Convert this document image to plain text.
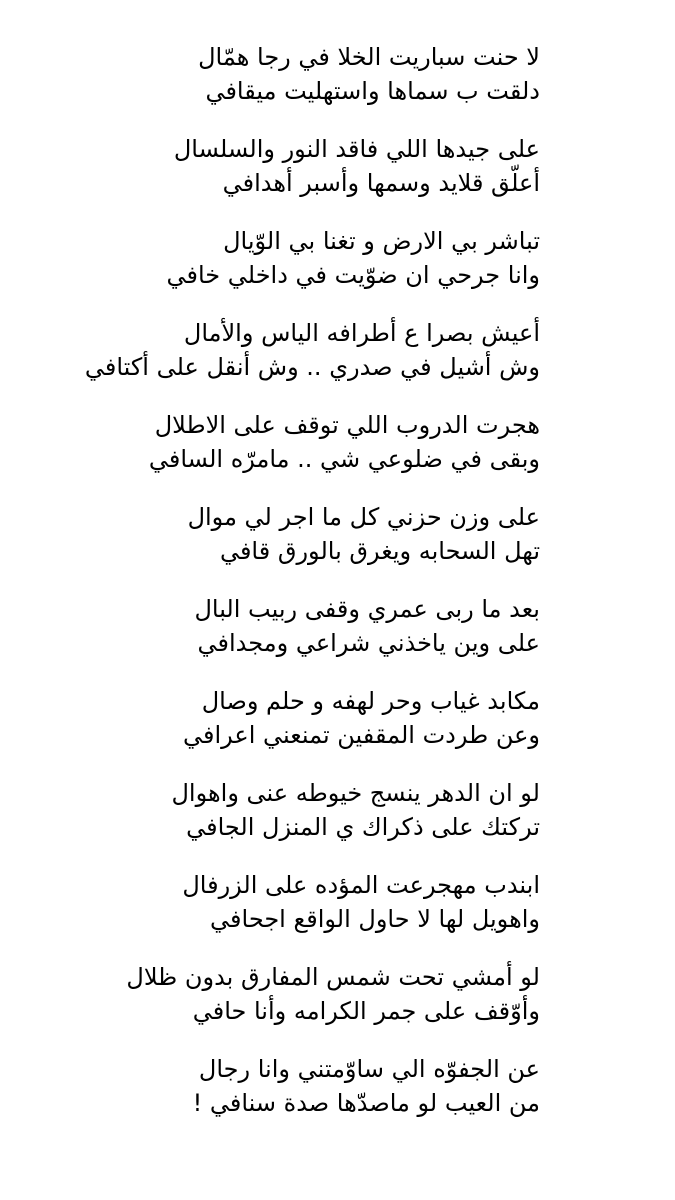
لا حنت سباريت الخلا في رجا همّال
دلقت ب سماها واستهليت ميقافي
على جيدها اللي فاقد النور والسلسال
أعلّق قلايد وسمها وأسبر أهدافي
تباشر بي الارض و تغنا بي الوّيال
وانا جرحي ان ضوّيت في داخلي خافي
أعيش بصرا ع أطرافه الياس والأمال
وش أشيل في صدري .. وش أنقل على أكتافي
هجرت الدروب اللي توقف على الاطلال
وبقى في ضلوعي شي .. مامرّه السافي
على وزن حزني كل ما اجر لي موال
تهل السحابه ويغرق بالورق قافي
بعد ما ربى عمري وقفى ربيب البال
على وين ياخذني شراعي ومجدافي
مكابد غياب وحر لهفه و حلم وصال
وعن طردت المقفين تمنعني اعرافي
لو ان الدهر ينسج خيوطه عنى واهوال
تركتك على ذكراك ي المنزل الجافي
ابندب مهجرعت المؤده على الزرفال
واهويل لها لا حاول الواقع اجحافي
لو أمشي تحت شمس المفارق بدون ظلال
وأوّقف على جمر الكرامه وأنا حافي
عن الجفوّه الي ساوّمتني وانا رجال
من العيب لو ماصدّها صدة سنافي !
